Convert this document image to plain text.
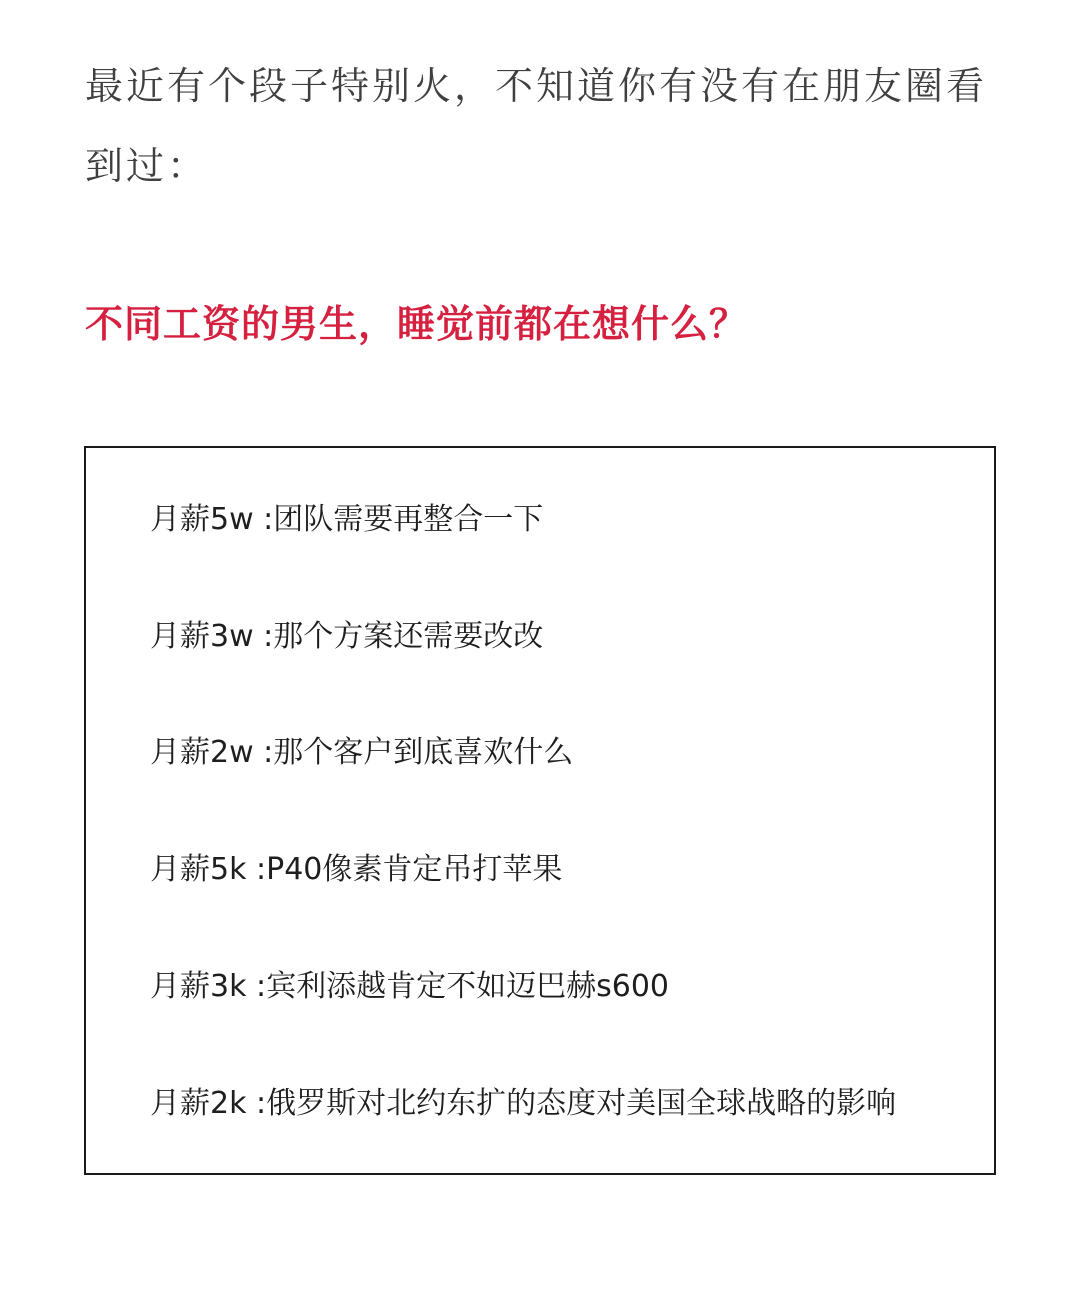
最近有个段子特别火，不知道你有没有在朋友圈看到过：

不同工资的男生，睡觉前都在想什么？

月薪5w :团队需要再整合一下

月薪3w :那个方案还需要改改

月薪2w :那个客户到底喜欢什么

月薪5k :P40像素肯定吊打苹果

月薪3k :宾利添越肯定不如迈巴赫s600

月薪2k :俄罗斯对北约东扩的态度对美国全球战略的影响
